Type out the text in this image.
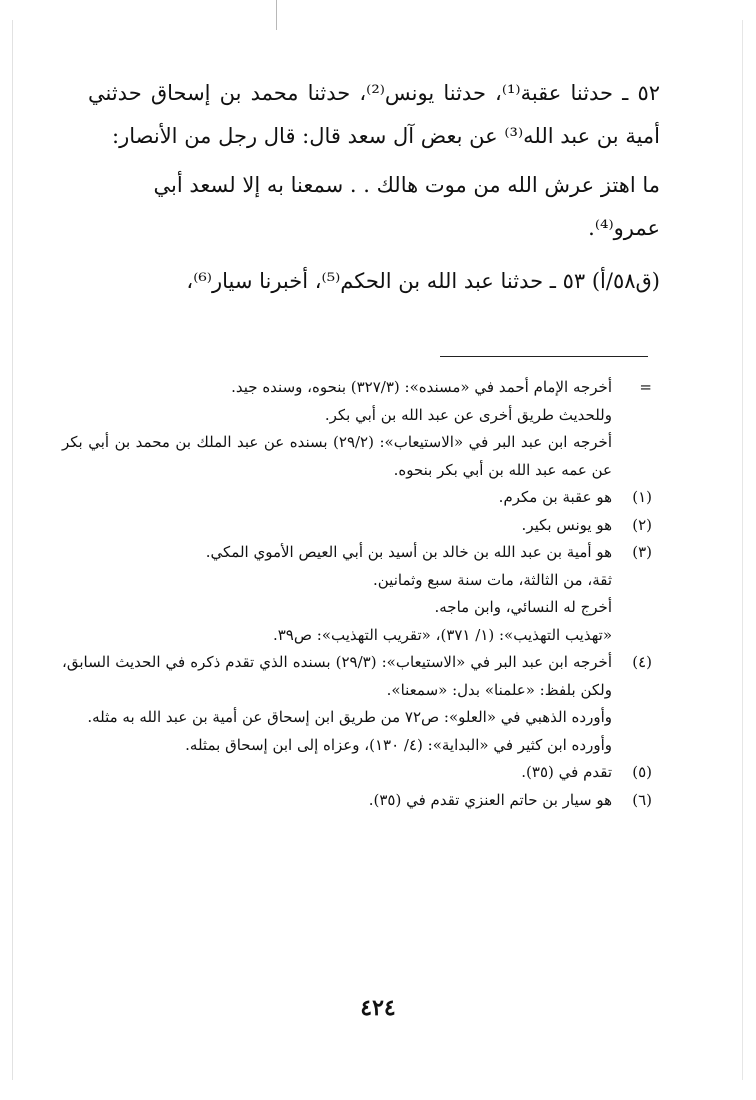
٥٢ ـ حدثنا عقبة⁽¹⁾، حدثنا يونس⁽²⁾، حدثنا محمد بن إسحاق حدثني أمية بن عبد الله⁽³⁾ عن بعض آل سعد قال: قال رجل من الأنصار:

ما اهتز عرش الله من موت هالك . . سمعنا به إلا لسعد أبي عمرو⁽⁴⁾.

(ق٥٨/أ) ٥٣ ـ حدثنا عبد الله بن الحكم⁽⁵⁾، أخبرنا سيار⁽⁶⁾،

=

أخرجه الإمام أحمد في «مسنده»: (٣٢٧/٣) بنحوه، وسنده جيد.

وللحديث طريق أخرى عن عبد الله بن أبي بكر.

أخرجه ابن عبد البر في «الاستيعاب»: (٢٩/٢) بسنده عن عبد الملك بن محمد بن أبي بكر عن عمه عبد الله بن أبي بكر بنحوه.

(١)

هو عقبة بن مكرم.

(٢)

هو يونس بكير.

(٣)

هو أمية بن عبد الله بن خالد بن أسيد بن أبي العيص الأموي المكي.

ثقة، من الثالثة، مات سنة سبع وثمانين.

أخرج له النسائي، وابن ماجه.

«تهذيب التهذيب»: (١/ ٣٧١)، «تقريب التهذيب»: ص٣٩.

(٤)

أخرجه ابن عبد البر في «الاستيعاب»: (٢٩/٣) بسنده الذي تقدم ذكره في الحديث السابق، ولكن بلفظ: «علمنا» بدل: «سمعنا».

وأورده الذهبي في «العلو»: ص٧٢ من طريق ابن إسحاق عن أمية بن عبد الله به مثله.

وأورده ابن كثير في «البداية»: (٤/ ١٣٠)، وعزاه إلى ابن إسحاق بمثله.

(٥)

تقدم في (٣٥).

(٦)

هو سيار بن حاتم العنزي تقدم في (٣٥).

٤٢٤
